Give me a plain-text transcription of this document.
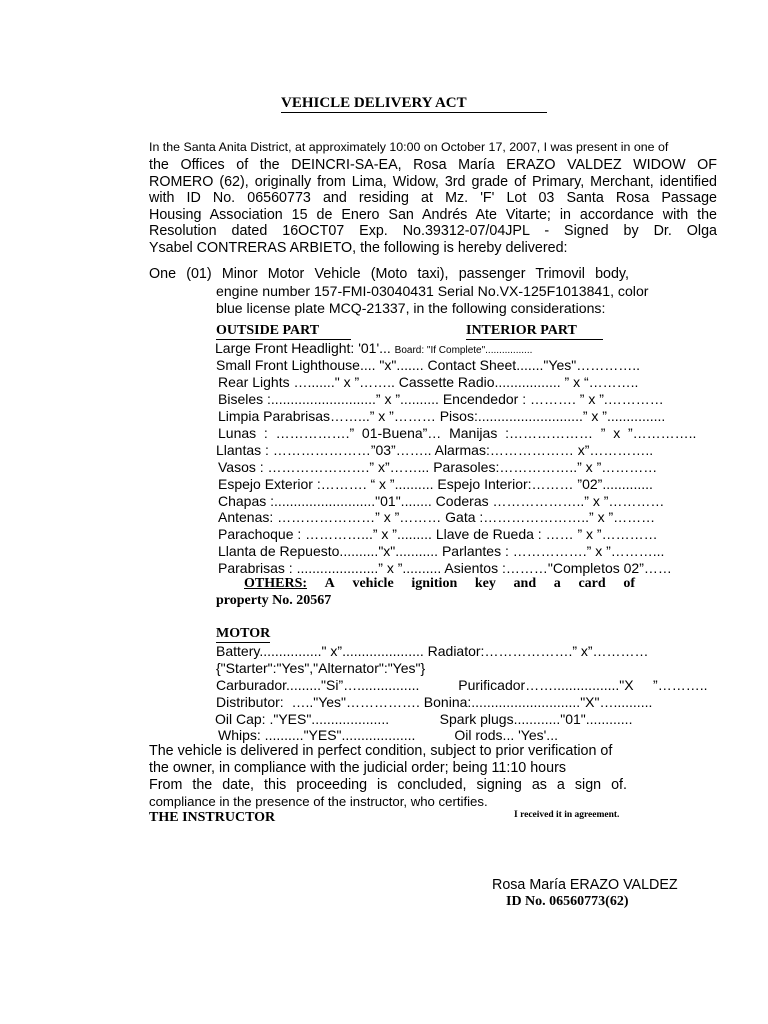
VEHICLE DELIVERY ACT
In the Santa Anita District, at approximately 10:00 on October 17, 2007, I was present in one of
the Offices of the DEINCRI-SA-EA, Rosa María ERAZO VALDEZ WIDOW OF
ROMERO (62), originally from Lima, Widow, 3rd grade of Primary, Merchant, identified
with ID No. 06560773 and residing at Mz. 'F' Lot 03 Santa Rosa Passage
Housing Association 15 de Enero San Andrés Ate Vitarte; in accordance with the
Resolution dated 16OCT07 Exp. No.39312-07/04JPL - Signed by Dr. Olga
Ysabel CONTRERAS ARBIETO, the following is hereby delivered:
One (01) Minor Motor Vehicle (Moto taxi), passenger Trimovil body,
engine number 157-FMI-03040431 Serial No.VX-125F1013841, color
blue license plate MCQ-21337, in the following considerations:
OUTSIDE PART	INTERIOR PART
Large Front Headlight: '01'... Board: "If Complete".................
Small Front Lighthouse.... "x"....... Contact Sheet......."Yes"…………..
Rear Lights …......." x ”…….. Cassette Radio................. ” x “………..
Biseles :...........................” x ”.......... Encendedor : ………. ” x ”.…………
Limpia Parabrisas……...” x ”……… Pisos:...........................” x ”...............
Lunas  :  …………….”  01-Buena”…  Manijas  :………………  ”  x  ”…………..
Llantas : …………………”03”…….. Alarmas:……………… x”…………..
Vasos : ………………….” x”……... Parasoles:……………..” x ”…………
Espejo Exterior :………. “ x ”.......... Espejo Interior:……… ”02”.............
Chapas :.........................."01"........ Coderas ………………..” x ”…………
Antenas: …………………” x ”……… Gata :…………………..” x ”………
Parachoque : …………...” x ”......... Llave de Rueda : …… ” x ”…………
Llanta de Repuesto.........."x"........... Parlantes : …………….” x ”………...
Parabrisas : .....................” x ”.......... Asientos :………"Completos 02”……
OTHERS: A vehicle ignition key and a card of
property No. 20567
MOTOR
Battery................" x”..................... Radiator:……………….” x”…………
{"Starter":"Yes","Alternator":"Yes"}
Carburador........."Si”…................          Purificador……................."X     ”………..
Distributor:  ….."Yes"……………. Bonina:............................"X"…..........
Oil Cap: ."YES"....................             Spark plugs............"01"............
Whips: .........."YES"...................          Oil rods... 'Yes'...
The vehicle is delivered in perfect condition, subject to prior verification of
the owner, in compliance with the judicial order; being 11:10 hours
From the date, this proceeding is concluded, signing as a sign of.
compliance in the presence of the instructor, who certifies.
THE INSTRUCTOR	I received it in agreement.
Rosa María ERAZO VALDEZ
ID No. 06560773(62)
